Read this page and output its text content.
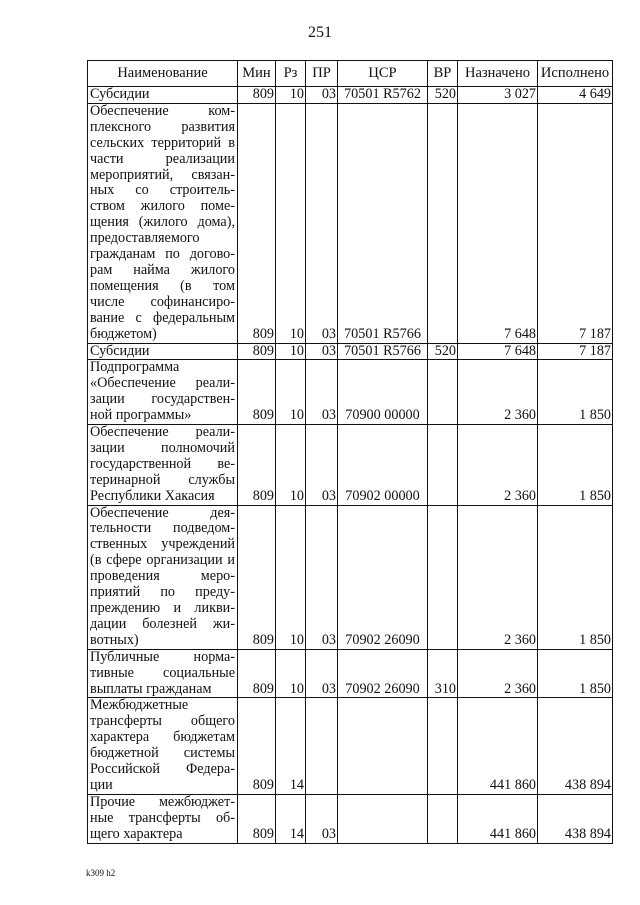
251
Наименование	Мин	Рз	ПР	ЦСР	ВР	Назначено	Исполнено
Субсидии	809	10	03	70501 R5762	520	3 027	4 649
Обеспечение ком- плексного развития сельских территорий в части реализации мероприятий, связан- ных со строитель- ством жилого поме- щения (жилого дома), предоставляемого гражданам по догово- рам найма жилого помещения (в том числе софинансиро- вание с федеральным бюджетом)	809	10	03	70501 R5766		7 648	7 187
Субсидии	809	10	03	70501 R5766	520	7 648	7 187
Подпрограмма «Обеспечение реали- зации государствен- ной программы»	809	10	03	70900 00000		2 360	1 850
Обеспечение реали- зации полномочий государственной ве- теринарной службы Республики Хакасия	809	10	03	70902 00000		2 360	1 850
Обеспечение дея- тельности подведом- ственных учреждений (в сфере организации и проведения меро- приятий по преду- преждению и ликви- дации болезней жи- вотных)	809	10	03	70902 26090		2 360	1 850
Публичные норма- тивные социальные выплаты гражданам	809	10	03	70902 26090	310	2 360	1 850
Межбюджетные трансферты общего характера бюджетам бюджетной системы Российской Федера- ции	809	14				441 860	438 894
Прочие межбюджет- ные трансферты об- щего характера	809	14	03			441 860	438 894
k309 h2
